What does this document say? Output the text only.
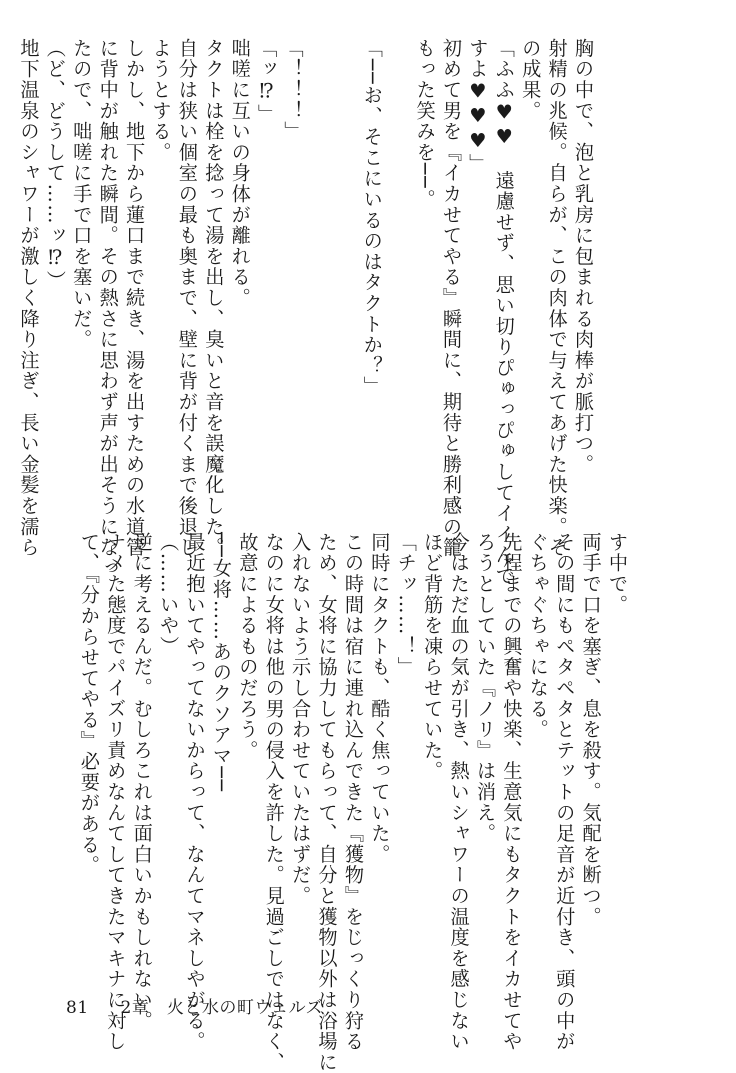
胸の中で、泡と乳房に包まれる肉棒が脈打つ。
射精の兆候。自らが、この肉体で与えてあげた快楽。そ
の成果。
「ふふ♥♥　遠慮せず、思い切りぴゅっぴゅしてイイんで
すよ♥♥♥」
初めて男を『イカせてやる』瞬間に、期待と勝利感の籠
もった笑みを──。
「──お、そこにいるのはタクトか？」
「！！！」
「ッ⁉」
咄嗟に互いの身体が離れる。
タクトは栓を捻って湯を出し、臭いと音を誤魔化した。
自分は狭い個室の最も奥まで、壁に背が付くまで後退し
ようとする。
しかし、地下から蓮口まで続き、湯を出すための水道管
に背中が触れた瞬間。その熱さに思わず声が出そうになっ
たので、咄嗟に手で口を塞いだ。
（ど、どうして……ッ⁉）
地下温泉のシャワーが激しく降り注ぎ、長い金髪を濡ら
す中で。
両手で口を塞ぎ、息を殺す。気配を断つ。
その間にもペタペタとテットの足音が近付き、頭の中が
ぐちゃぐちゃになる。
先程までの興奮や快楽、生意気にもタクトをイカせてや
ろうとしていた『ノリ』は消え。
今はただ血の気が引き、熱いシャワーの温度を感じない
ほど背筋を凍らせていた。
「チッ……！」
同時にタクトも、酷く焦っていた。
この時間は宿に連れ込んできた『獲物』をじっくり狩る
ため、女将に協力してもらって、自分と獲物以外は浴場に
入れないよう示し合わせていたはずだ。
なのに女将は他の男の侵入を許した。見過ごしではなく、
故意によるものだろう。
──女将……あのクソアマ──
最近抱いてやってないからって、なんてマネしやがる。
（……いや）
逆に考えるんだ。むしろこれは面白いかもしれない。
ナメた態度でパイズリ責めなんてしてきたマキナに対し
て、『分からせてやる』必要がある。
81 2章　火と水の町ウェルズ
